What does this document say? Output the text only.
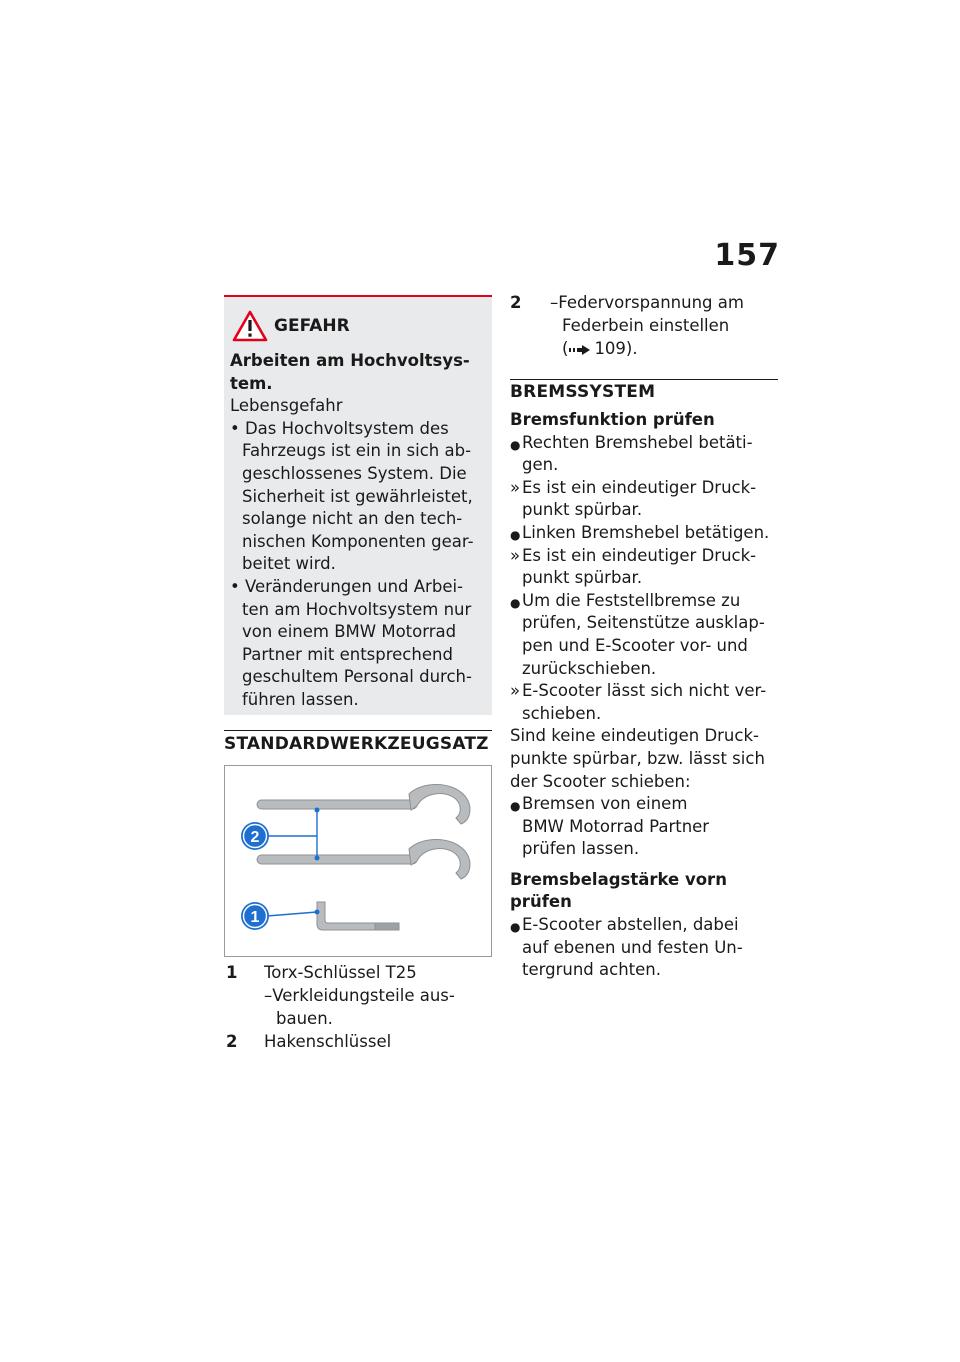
157
GEFAHR
Arbeiten am Hochvoltsys-
tem.
Lebensgefahr
• Das Hochvoltsystem des
Fahrzeugs ist ein in sich ab-
geschlossenes System. Die
Sicherheit ist gewährleistet,
solange nicht an den tech-
nischen Komponenten gear-
beitet wird.
• Veränderungen und Arbei-
ten am Hochvoltsystem nur
von einem BMW Motorrad
Partner mit entsprechend
geschultem Personal durch-
führen lassen.
STANDARDWERKZEUGSATZ
2
1
1 Torx-Schlüssel T25
–Verkleidungsteile aus-
bauen.
2 Hakenschlüssel
2 –Federvorspannung am
Federbein einstellen
( 109).
BREMSSYSTEM
Bremsfunktion prüfen
● Rechten Bremshebel betäti-
gen.
» Es ist ein eindeutiger Druck-
punkt spürbar.
● Linken Bremshebel betätigen.
» Es ist ein eindeutiger Druck-
punkt spürbar.
● Um die Feststellbremse zu
prüfen, Seitenstütze ausklap-
pen und E-Scooter vor- und
zurückschieben.
» E-Scooter lässt sich nicht ver-
schieben.
Sind keine eindeutigen Druck-
punkte spürbar, bzw. lässt sich
der Scooter schieben:
● Bremsen von einem
BMW Motorrad Partner
prüfen lassen.
Bremsbelagstärke vorn prüfen
● E-Scooter abstellen, dabei
auf ebenen und festen Un-
tergrund achten.
